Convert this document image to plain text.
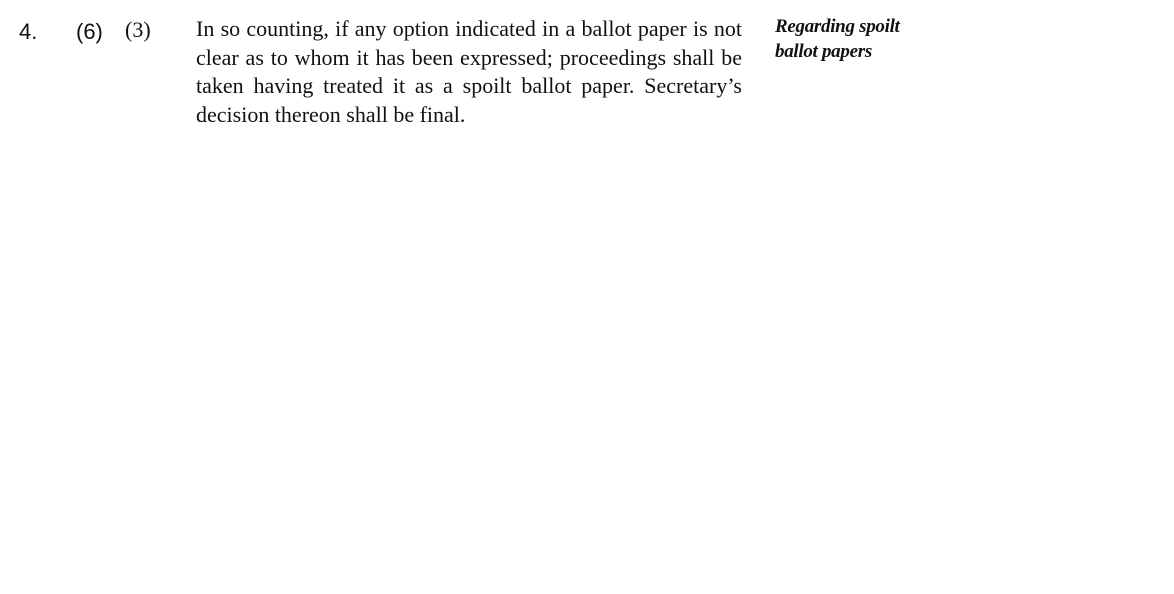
4. (6) (3) In so counting, if any option indicated in a ballot paper is not clear as to whom it has been expressed; proceedings shall be taken having treated it as a spoilt ballot paper. Secretary’s decision thereon shall be final.
Regarding spoilt
ballot papers
